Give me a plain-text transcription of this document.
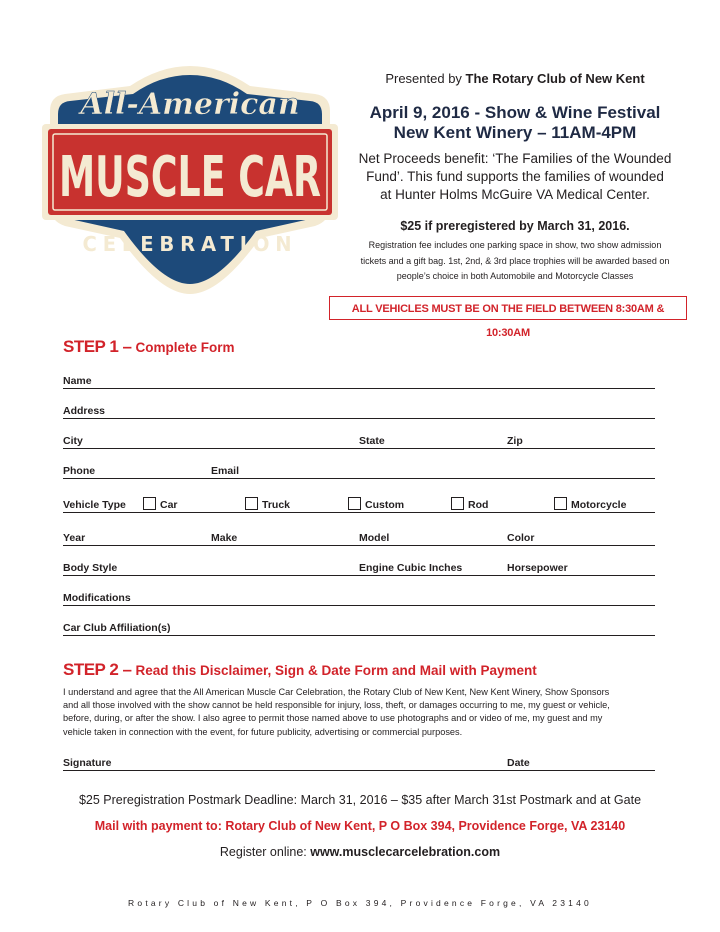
All-American
MUSCLE CAR
CELEBRATION
Presented by The Rotary Club of New Kent
April 9, 2016 - Show & Wine Festival
New Kent Winery – 11AM-4PM
Net Proceeds benefit: ‘The Families of the Wounded
Fund’. This fund supports the families of wounded
at Hunter Holms McGuire VA Medical Center.
$25 if preregistered by March 31, 2016.
Registration fee includes one parking space in show, two show admission
tickets and a gift bag. 1st, 2nd, & 3rd place trophies will be awarded based on
people’s choice in both Automobile and Motorcycle Classes
ALL VEHICLES MUST BE ON THE FIELD BETWEEN 8:30AM & 10:30AM
STEP 1 – Complete Form
Name
Address
City	State	Zip
Phone	Email
Vehicle Type	Car	Truck	Custom	Rod	Motorcycle
Year	Make	Model	Color
Body Style	Engine Cubic Inches	Horsepower
Modifications
Car Club Affiliation(s)
STEP 2 – Read this Disclaimer, Sign & Date Form and Mail with Payment
I understand and agree that the All American Muscle Car Celebration, the Rotary Club of New Kent, New Kent Winery, Show Sponsors
and all those involved with the show cannot be held responsible for injury, loss, theft, or damages occurring to me, my guest or vehicle,
before, during, or after the show. I also agree to permit those named above to use photographs and or video of me, my guest and my
vehicle taken in connection with the event, for future publicity, advertising or commercial purposes.
Signature	Date
$25 Preregistration Postmark Deadline: March 31, 2016 – $35 after March 31st Postmark and at Gate
Mail with payment to: Rotary Club of New Kent, P O Box 394, Providence Forge, VA 23140
Register online: www.musclecarcelebration.com
Rotary Club of New Kent, P O Box 394, Providence Forge, VA 23140
